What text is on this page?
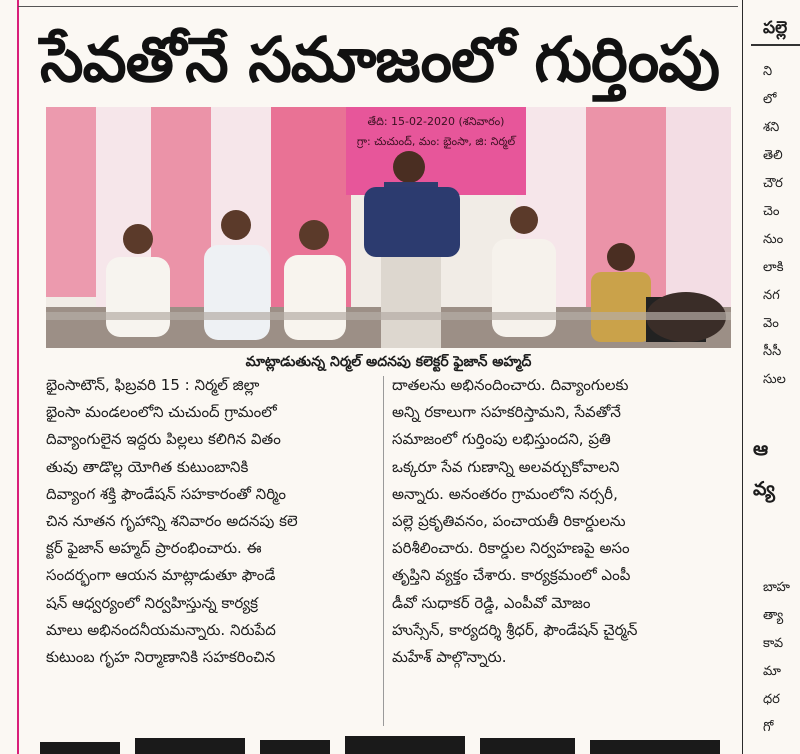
సేవతోనే సమాజంలో గుర్తింపు
తేది: 15-02-2020 (శనివారం)
గ్రా: చుచుంద్, మం: భైంసా, జి: నిర్మల్
మాట్లాడుతున్న నిర్మల్ అదనపు కలెక్టర్ ఫైజాన్ అహ్మద్
భైంసాటౌన్, ఫిబ్రవరి 15 : నిర్మల్ జిల్లా
భైంసా మండలంలోని చుచుంద్ గ్రామంలో
దివ్యాంగులైన ఇద్దరు పిల్లలు కలిగిన వితం
తువు తాడొల్ల యోగిత కుటుంబానికి
దివ్యాంగ శక్తి ఫౌండేషన్ సహకారంతో నిర్మిం
చిన నూతన గృహాన్ని శనివారం అదనపు కలె
క్టర్ ఫైజాన్ అహ్మద్ ప్రారంభించారు. ఈ
సందర్భంగా ఆయన మాట్లాడుతూ ఫౌండే
షన్ ఆధ్వర్యంలో నిర్వహిస్తున్న కార్యక్ర
మాలు అభినందనీయమన్నారు. నిరుపేద
కుటుంబ గృహ నిర్మాణానికి సహకరించిన
దాతలను అభినందించారు. దివ్యాంగులకు
అన్ని రకాలుగా సహకరిస్తామని, సేవతోనే
సమాజంలో గుర్తింపు లభిస్తుందని, ప్రతి
ఒక్కరూ సేవ గుణాన్ని అలవర్చుకోవాలని
అన్నారు. అనంతరం గ్రామంలోని నర్సరీ,
పల్లె ప్రకృతివనం, పంచాయతీ రికార్డులను
పరిశీలించారు. రికార్డుల నిర్వహణపై అసం
తృప్తిని వ్యక్తం చేశారు. కార్యక్రమంలో ఎంపీ
డీవో సుధాకర్ రెడ్డి, ఎంపీవో మోజం
హుస్సేన్, కార్యదర్శి శ్రీధర్, ఫౌండేషన్ చైర్మన్
మహేశ్ పాల్గొన్నారు.
పల్లె
ని
లో
శని
తెలి
చౌర
చెం
నుం
లాకి
నగ
వెం
సీసీ
సుల
ఆ
వ్య
బాహ
త్యా
కావ
మా
ధర
గో
